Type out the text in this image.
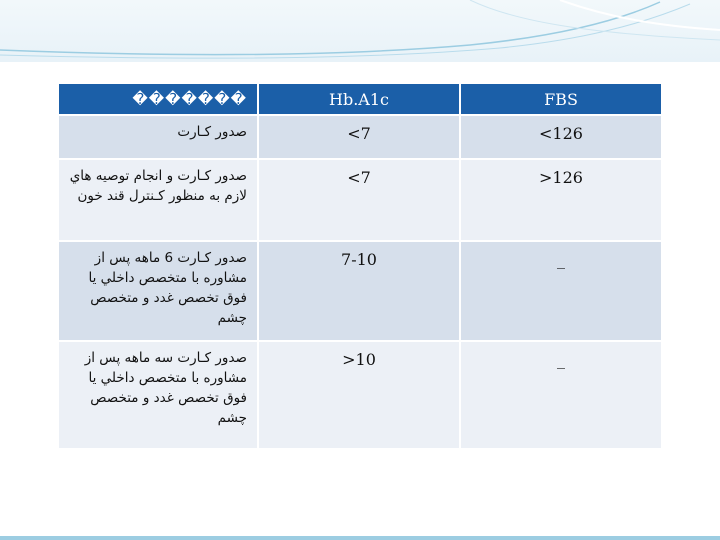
�������	Hb.A1c	FBS
صدور كـارت	<7	<126
صدور كـارت و انجام توصيه هاي لازم به منظور كـنترل قند خون	<7	>126
صدور كـارت 6 ماهه پس از مشاوره با متخصص داخلي يا فوق تخصص غدد و متخصص چشم	7-10	_
صدور كـارت سه ماهه پس از مشاوره با متخصص داخلي يا فوق تخصص غدد و متخصص چشم	>10	_
